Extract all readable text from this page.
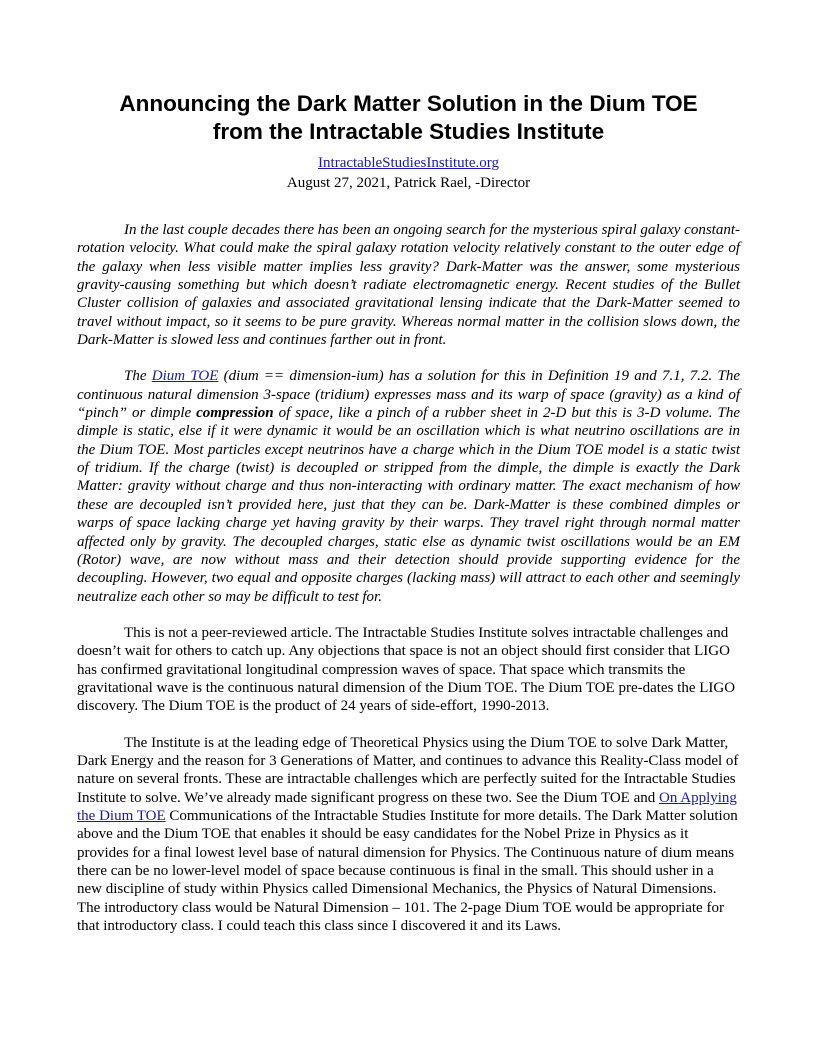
Announcing the Dark Matter Solution in the Dium TOE
from the Intractable Studies Institute
IntractableStudiesInstitute.org
August 27, 2021, Patrick Rael, -Director

In the last couple decades there has been an ongoing search for the mysterious spiral galaxy constant-rotation velocity. What could make the spiral galaxy rotation velocity relatively constant to the outer edge of the galaxy when less visible matter implies less gravity? Dark-Matter was the answer, some mysterious gravity-causing something but which doesn’t radiate electromagnetic energy. Recent studies of the Bullet Cluster collision of galaxies and associated gravitational lensing indicate that the Dark-Matter seemed to travel without impact, so it seems to be pure gravity. Whereas normal matter in the collision slows down, the Dark-Matter is slowed less and continues farther out in front.

The Dium TOE (dium == dimension-ium) has a solution for this in Definition 19 and 7.1, 7.2. The continuous natural dimension 3-space (tridium) expresses mass and its warp of space (gravity) as a kind of “pinch” or dimple compression of space, like a pinch of a rubber sheet in 2-D but this is 3-D volume. The dimple is static, else if it were dynamic it would be an oscillation which is what neutrino oscillations are in the Dium TOE. Most particles except neutrinos have a charge which in the Dium TOE model is a static twist of tridium. If the charge (twist) is decoupled or stripped from the dimple, the dimple is exactly the Dark Matter: gravity without charge and thus non-interacting with ordinary matter. The exact mechanism of how these are decoupled isn’t provided here, just that they can be. Dark-Matter is these combined dimples or warps of space lacking charge yet having gravity by their warps. They travel right through normal matter affected only by gravity. The decoupled charges, static else as dynamic twist oscillations would be an EM (Rotor) wave, are now without mass and their detection should provide supporting evidence for the decoupling. However, two equal and opposite charges (lacking mass) will attract to each other and seemingly neutralize each other so may be difficult to test for.

This is not a peer-reviewed article. The Intractable Studies Institute solves intractable challenges and doesn’t wait for others to catch up. Any objections that space is not an object should first consider that LIGO has confirmed gravitational longitudinal compression waves of space. That space which transmits the gravitational wave is the continuous natural dimension of the Dium TOE. The Dium TOE pre-dates the LIGO discovery. The Dium TOE is the product of 24 years of side-effort, 1990-2013.

The Institute is at the leading edge of Theoretical Physics using the Dium TOE to solve Dark Matter, Dark Energy and the reason for 3 Generations of Matter, and continues to advance this Reality-Class model of nature on several fronts. These are intractable challenges which are perfectly suited for the Intractable Studies Institute to solve. We’ve already made significant progress on these two. See the Dium TOE and On Applying the Dium TOE Communications of the Intractable Studies Institute for more details. The Dark Matter solution above and the Dium TOE that enables it should be easy candidates for the Nobel Prize in Physics as it provides for a final lowest level base of natural dimension for Physics. The Continuous nature of dium means there can be no lower-level model of space because continuous is final in the small. This should usher in a new discipline of study within Physics called Dimensional Mechanics, the Physics of Natural Dimensions. The introductory class would be Natural Dimension – 101. The 2-page Dium TOE would be appropriate for that introductory class. I could teach this class since I discovered it and its Laws.
